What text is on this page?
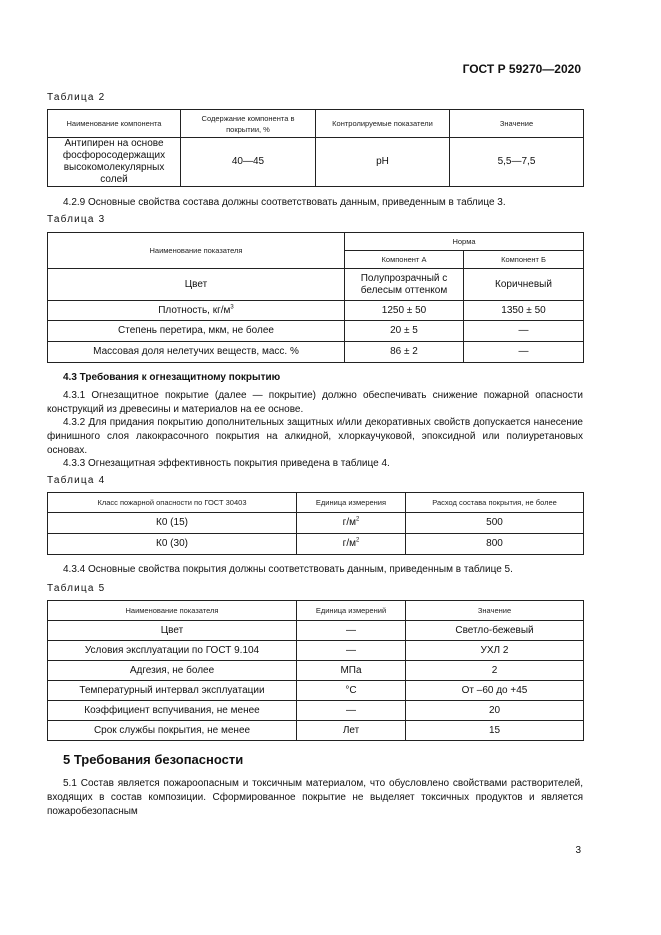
ГОСТ Р 59270—2020
Таблица 2
Наименование компонента	Содержание компонента в покрытии, %	Контролируемые показатели	Значение
Антипирен на основе фосфоросодержащих высокомолекулярных солей	40—45	pH	5,5—7,5
4.2.9 Основные свойства состава должны соответствовать данным, приведенным в таблице 3.
Таблица 3
Наименование показателя	Норма	
	Компонент А	Компонент Б
Цвет	Полупрозрачный с белесым оттенком	Коричневый
Плотность, $кг/м^3$	1250 ± 50	1350 ± 50
Степень перетира, мкм, не более	20 ± 5	—
Массовая доля нелетучих веществ, масс. %	86 ± 2	—
4.3 Требования к огнезащитному покрытию
4.3.1 Огнезащитное покрытие (далее — покрытие) должно обеспечивать снижение пожарной опасности конструкций из древесины и материалов на ее основе.
4.3.2 Для придания покрытию дополнительных защитных и/или декоративных свойств допускается нанесение финишного слоя лакокрасочного покрытия на алкидной, хлоркаучуковой, эпоксидной или полиуретановых основах.
4.3.3 Огнезащитная эффективность покрытия приведена в таблице 4.
Таблица 4
Класс пожарной опасности по ГОСТ 30403	Единица измерения	Расход состава покрытия, не более
К0 (15)	$г/м^2$	500
К0 (30)	$г/м^2$	800
4.3.4 Основные свойства покрытия должны соответствовать данным, приведенным в таблице 5.
Таблица 5
Наименование показателя	Единица измерений	Значение
Цвет	—	Светло-бежевый
Условия эксплуатации по ГОСТ 9.104	—	УХЛ 2
Адгезия, не более	МПа	2
Температурный интервал эксплуатации	°С	От –60 до +45
Коэффициент вспучивания, не менее	—	20
Срок службы покрытия, не менее	Лет	15
5 Требования безопасности
5.1 Состав является пожароопасным и токсичным материалом, что обусловлено свойствами растворителей, входящих в состав композиции. Сформированное покрытие не выделяет токсичных продуктов и является пожаробезопасным
3
